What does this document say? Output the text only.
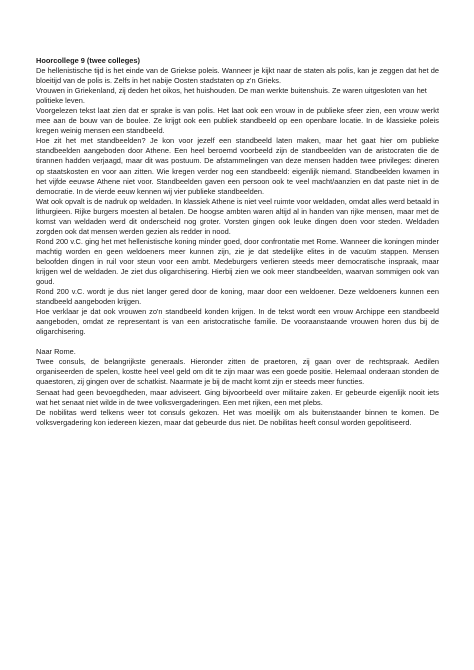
Hoorcollege 9 (twee colleges)

De hellenistische tijd is het einde van de Griekse poleis. Wanneer je kijkt naar de staten als polis, kan je zeggen dat het de bloeitijd van de polis is. Zelfs in het nabije Oosten stadstaten op z'n Grieks.

Vrouwen in Griekenland, zij deden het oikos, het huishouden. De man werkte buitenshuis. Ze waren uitgesloten van het politieke leven.

Voorgelezen tekst laat zien dat er sprake is van polis. Het laat ook een vrouw in de publieke sfeer zien, een vrouw werkt mee aan de bouw van de boulee. Ze krijgt ook een publiek standbeeld op een openbare locatie. In de klassieke poleis kregen weinig mensen een standbeeld.

Hoe zit het met standbeelden? Je kon voor jezelf een standbeeld laten maken, maar het gaat hier om publieke standbeelden aangeboden door Athene. Een heel beroemd voorbeeld zijn de standbeelden van de aristocraten die de tirannen hadden verjaagd, maar dit was postuum. De afstammelingen van deze mensen hadden twee privileges: dineren op staatskosten en voor aan zitten. Wie kregen verder nog een standbeeld: eigenlijk niemand. Standbeelden kwamen in het vijfde eeuwse Athene niet voor. Standbeelden gaven een persoon ook te veel macht/aanzien en dat paste niet in de democratie. In de vierde eeuw kennen wij vier publieke standbeelden.

Wat ook opvalt is de nadruk op weldaden. In klassiek Athene is niet veel ruimte voor weldaden, omdat alles werd betaald in lithurgieen. Rijke burgers moesten al betalen. De hoogse ambten waren altijd al in handen van rijke mensen, maar met de komst van weldaden werd dit onderscheid nog groter. Vorsten gingen ook leuke dingen doen voor steden. Weldaden zorgden ook dat mensen werden gezien als redder in nood.

Rond 200 v.C. ging het met hellenistische koning minder goed, door confrontatie met Rome. Wanneer die koningen minder machtig worden en geen weldoeners meer kunnen zijn, zie je dat stedelijke elites in de vacuüm stappen. Mensen beloofden dingen in ruil voor steun voor een ambt. Medeburgers verlieren steeds meer democratische inspraak, maar krijgen wel de weldaden. Je ziet dus oligarchisering. Hierbij zien we ook meer standbeelden, waarvan sommigen ook van goud.

Rond 200 v.C. wordt je dus niet langer gered door de koning, maar door een weldoener. Deze weldoeners kunnen een standbeeld aangeboden krijgen.

Hoe verklaar je dat ook vrouwen zo'n standbeeld konden krijgen. In de tekst wordt een vrouw Archippe een standbeeld aangeboden, omdat ze representant is van een aristocratische familie. De vooraanstaande vrouwen horen dus bij de oligarchisering.

Naar Rome.

Twee consuls, de belangrijkste generaals. Hieronder zitten de praetoren, zij gaan over de rechtspraak. Aedilen organiseerden de spelen, kostte heel veel geld om dit te zijn maar was een goede positie. Helemaal onderaan stonden de quaestoren, zij gingen over de schatkist. Naarmate je bij de macht komt zijn er steeds meer functies.

Senaat had geen bevoegdheden, maar adviseert. Ging bijvoorbeeld over militaire zaken. Er gebeurde eigenlijk nooit iets wat het senaat niet wilde in de twee volksvergaderingen. Een met rijken, een met plebs.

De nobilitas werd telkens weer tot consuls gekozen. Het was moeilijk om als buitenstaander binnen te komen. De volksvergadering kon iedereen kiezen, maar dat gebeurde dus niet. De nobilitas heeft consul worden gepolitiseerd.
